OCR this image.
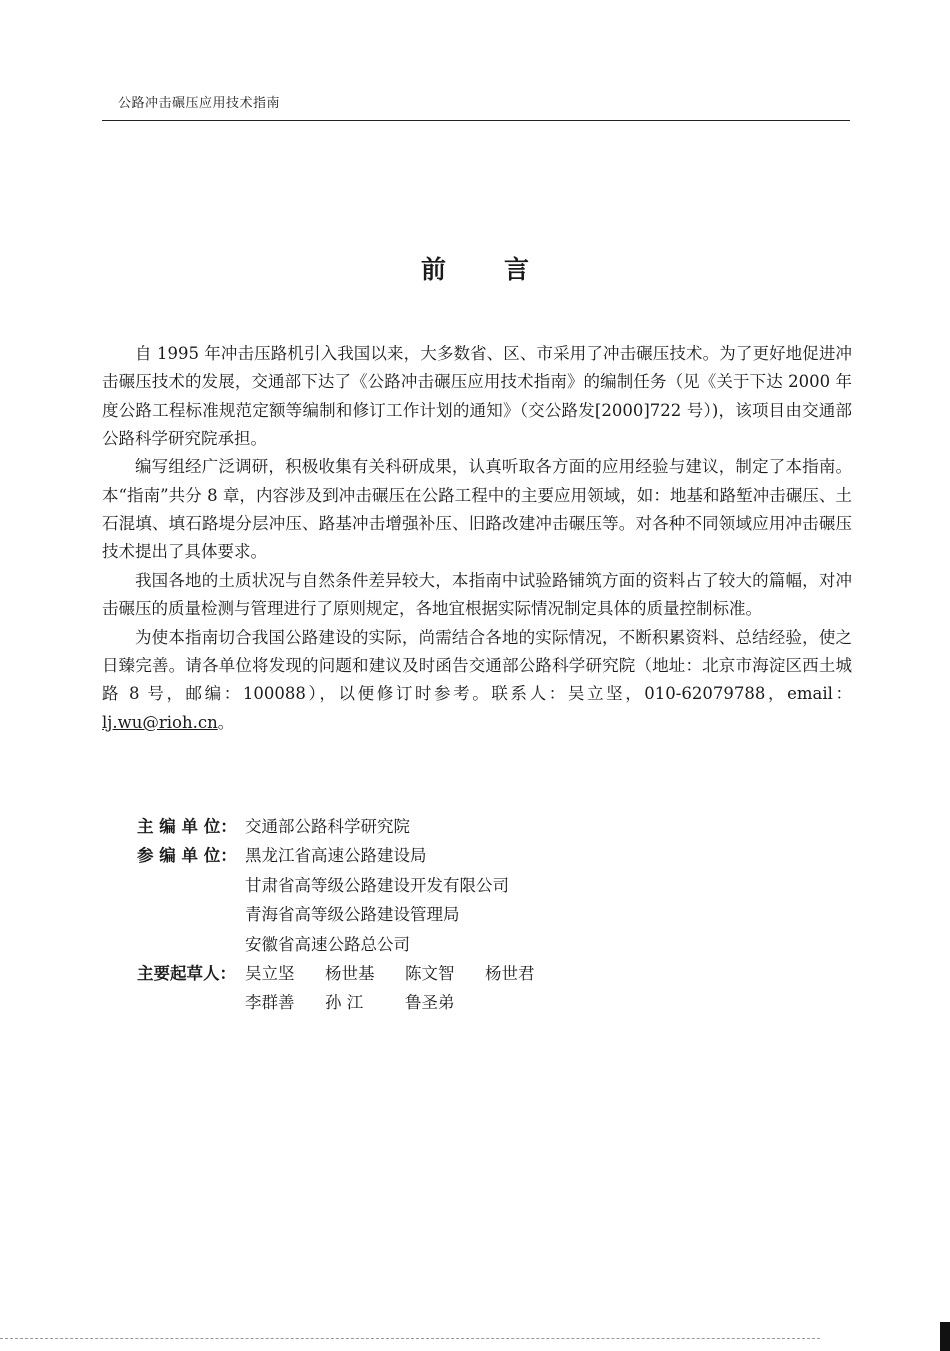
公路冲击碾压应用技术指南
前言

自 1995 年冲击压路机引入我国以来，大多数省、区、市采用了冲击碾压技术。为了更好地促进冲击碾压技术的发展，交通部下达了《公路冲击碾压应用技术指南》的编制任务（见《关于下达 2000 年度公路工程标准规范定额等编制和修订工作计划的通知》（交公路发[2000]722 号）)，该项目由交通部公路科学研究院承担。

编写组经广泛调研，积极收集有关科研成果，认真听取各方面的应用经验与建议，制定了本指南。本“指南”共分 8 章，内容涉及到冲击碾压在公路工程中的主要应用领域，如：地基和路堑冲击碾压、土石混填、填石路堤分层冲压、路基冲击增强补压、旧路改建冲击碾压等。对各种不同领域应用冲击碾压技术提出了具体要求。

我国各地的土质状况与自然条件差异较大，本指南中试验路铺筑方面的资料占了较大的篇幅，对冲击碾压的质量检测与管理进行了原则规定，各地宜根据实际情况制定具体的质量控制标准。

为使本指南切合我国公路建设的实际，尚需结合各地的实际情况，不断积累资料、总结经验，使之日臻完善。请各单位将发现的问题和建议及时函告交通部公路科学研究院（地址：北京市海淀区西土城路 8 号，邮编：100088），以便修订时参考。联系人：吴立坚，010-62079788，email：lj.wu@rioh.cn。

主 编 单 位： 交通部公路科学研究院
参 编 单 位： 黑龙江省高速公路建设局
甘肃省高等级公路建设开发有限公司
青海省高等级公路建设管理局
安徽省高速公路总公司
主要起草人： 吴立坚	杨世基	陈文智	杨世君
李群善	孙 江	鲁圣弟
